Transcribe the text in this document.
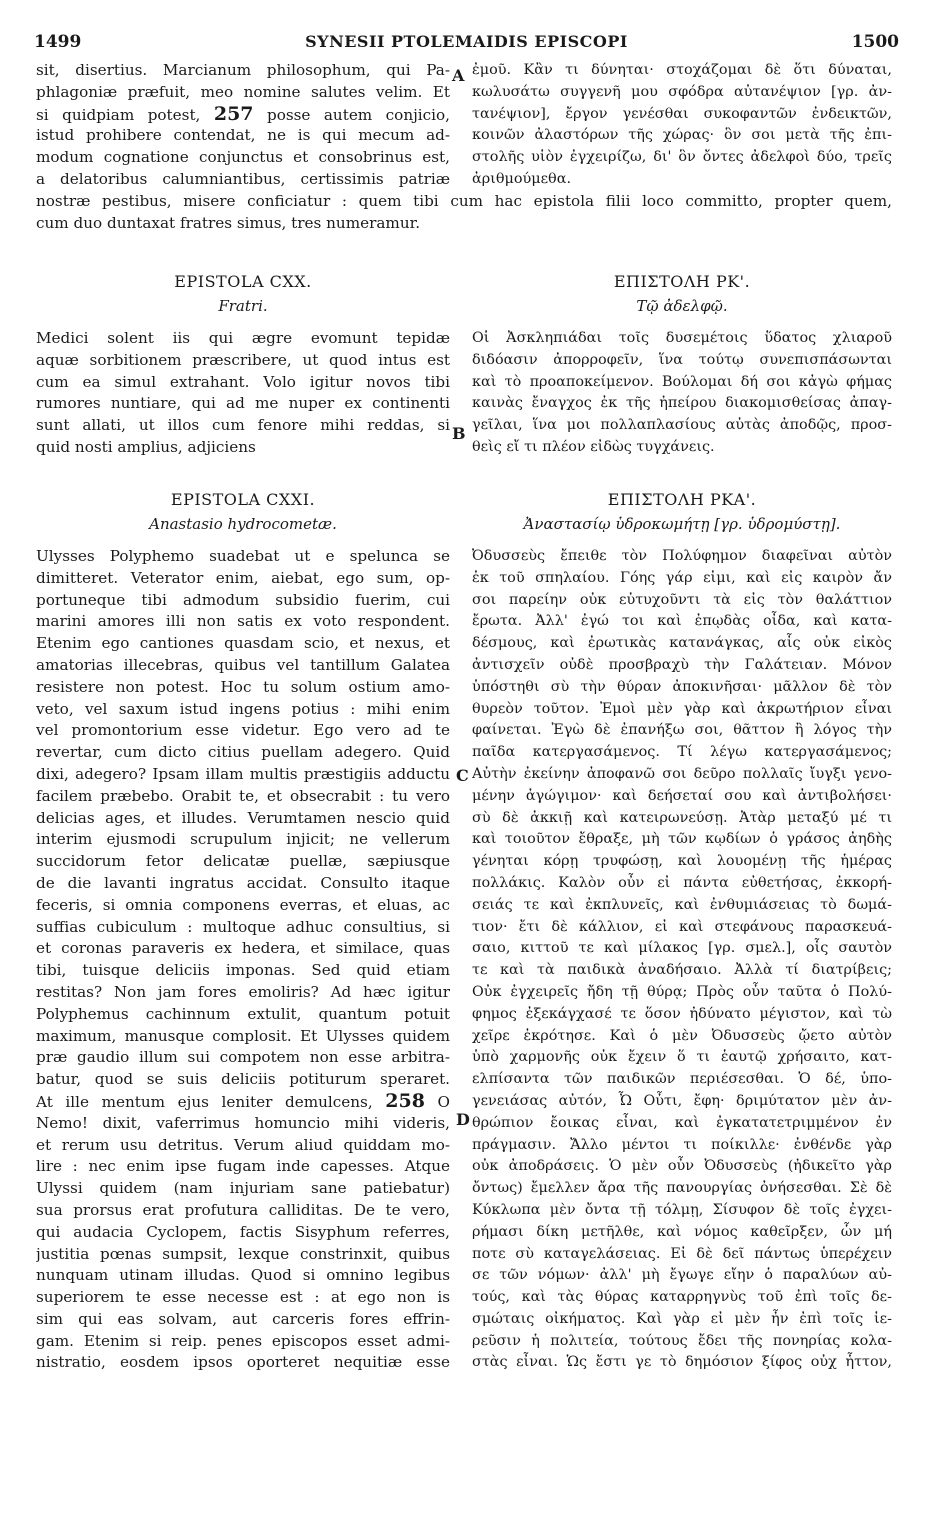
1499	SYNESII PTOLEMAIDIS EPISCOPI	1500
A
B
C
D
sit, disertius. Marcianum philosophum, qui Pa-
phlagoniæ præfuit, meo nomine salutes velim. Et
si quidpiam potest, 257 posse autem conjicio,
istud prohibere contendat, ne is qui mecum ad-
modum cognatione conjunctus et consobrinus est,
a delatoribus calumniantibus, certissimis patriæ
ἐμοῦ. Κἂν τι δύνηται· στοχάζομαι δὲ ὅτι δύναται,
κωλυσάτω συγγενῆ μου σφόδρα αὐτανέψιον [γρ. ἀν-
τανέψιον], ἔργον γενέσθαι συκοφαντῶν ἐνδεικτῶν,
κοινῶν ἀλαστόρων τῆς χώρας· ὃν σοι μετὰ τῆς ἐπι-
στολῆς υἱὸν ἐγχειρίζω, δι' ὃν ὄντες ἀδελφοὶ δύο, τρεῖς
ἀριθμούμεθα.
nostræ pestibus, misere conficiatur : quem tibi cum hac epistola filii loco committo, propter quem,
cum duo duntaxat fratres simus, tres numeramur.
EPISTOLA CXX.
Fratri.
Medici solent iis qui ægre evomunt tepidæ
aquæ sorbitionem præscribere, ut quod intus est
cum ea simul extrahant. Volo igitur novos tibi
rumores nuntiare, qui ad me nuper ex continenti
sunt allati, ut illos cum fenore mihi reddas, si
quid nosti amplius, adjiciens
ΕΠΙΣΤΟΛΗ ΡΚ'.
Τῷ ἀδελφῷ.
Οἱ Ἀσκληπιάδαι τοῖς δυσεμέτοις ὕδατος χλιαροῦ
διδόασιν ἀπορρoφεῖν, ἵνα τούτῳ συνεπισπάσωνται
καὶ τὸ προαποκείμενον. Βούλομαι δή σοι κἀγὼ φήμας
καινὰς ἔναγχος ἐκ τῆς ἠπείρου διακομισθείσας ἀπαγ-
γεῖλαι, ἵνα μοι πολλαπλασίους αὐτὰς ἀποδῷς, προσ-
θεὶς εἴ τι πλέον εἰδὼς τυγχάνεις.
EPISTOLA CXXI.
Anastasio hydrocometæ.
Ulysses Polyphemo suadebat ut e spelunca se
dimitteret. Veterator enim, aiebat, ego sum, op-
portuneque tibi admodum subsidio fuerim, cui
marini amores illi non satis ex voto respondent.
Etenim ego cantiones quasdam scio, et nexus, et
amatorias illecebras, quibus vel tantillum Galatea
resistere non potest. Hoc tu solum ostium amo-
veto, vel saxum istud ingens potius : mihi enim
vel promontorium esse videtur. Ego vero ad te
revertar, cum dicto citius puellam adegero. Quid
dixi, adegero? Ipsam illam multis præstigiis adductu
facilem præbebo. Orabit te, et obsecrabit : tu vero
delicias ages, et illudes. Verumtamen nescio quid
interim ejusmodi scrupulum injicit; ne vellerum
succidorum fetor delicatæ puellæ, sæpiusque
de die lavanti ingratus accidat. Consulto itaque
feceris, si omnia componens everras, et eluas, ac
suffias cubiculum : multoque adhuc consultius, si
et coronas paraveris ex hedera, et similace, quas
tibi, tuisque deliciis imponas. Sed quid etiam
restitas? Non jam fores emoliris? Ad hæc igitur
Polyphemus cachinnum extulit, quantum potuit
maximum, manusque complosit. Et Ulysses quidem
præ gaudio illum sui compotem non esse arbitra-
batur, quod se suis deliciis potiturum speraret.
At ille mentum ejus leniter demulcens, 258 O
Nemo! dixit, vaferrimus homuncio mihi videris,
et rerum usu detritus. Verum aliud quiddam mo-
lire : nec enim ipse fugam inde capesses. Atque
Ulyssi quidem (nam injuriam sane patiebatur)
sua prorsus erat profutura calliditas. De te vero,
qui audacia Cyclopem, factis Sisyphum referres,
justitia pœnas sumpsit, lexque constrinxit, quibus
nunquam utinam illudas. Quod si omnino legibus
superiorem te esse necesse est : at ego non is
sim qui eas solvam, aut carceris fores effrin-
gam. Etenim si reip. penes episcopos esset admi-
nistratio, eosdem ipsos oporteret nequitiæ esse
ΕΠΙΣΤΟΛΗ ΡΚΑ'.
Ἀναστασίῳ ὑδροκωμήτῃ [γρ. ὑδρομύστῃ].
Ὀδυσσεὺς ἔπειθε τὸν Πολύφημον διαφεῖναι αὐτὸν
ἐκ τοῦ σπηλαίου. Γόης γάρ εἰμι, καὶ εἰς καιρὸν ἄν
σοι παρείην οὐκ εὐτυχοῦντι τὰ εἰς τὸν θαλάττιον
ἔρωτα. Ἀλλ' ἐγώ τοι καὶ ἐπῳδὰς οἶδα, καὶ κατα-
δέσμους, καὶ ἐρωτικὰς κατανάγκας, αἷς οὐκ εἰκὸς
ἀντισχεῖν οὐδὲ προσβραχὺ τὴν Γαλάτειαν. Μόνον
ὑπόστηθι σὺ τὴν θύραν ἀποκινῆσαι· μᾶλλον δὲ τὸν
θυρεὸν τοῦτον. Ἐμοὶ μὲν γὰρ καὶ ἀκρωτήριον εἶναι
φαίνεται. Ἐγὼ δὲ ἐπανήξω σοι, θᾶττον ἢ λόγος τὴν
παῖδα κατεργασάμενος. Τί λέγω κατεργασάμενος;
Αὐτὴν ἐκείνην ἀποφανῶ σοι δεῦρο πολλαῖς ἴυγξι γενο-
μένην ἀγώγιμον· καὶ δεήσεταί σου καὶ ἀντιβολήσει·
σὺ δὲ ἀκκιῇ καὶ κατειρωνεύσῃ. Ἀτὰρ μεταξύ μέ τι
καὶ τοιοῦτον ἔθραξε, μὴ τῶν κῳδίων ὁ γράσος ἀηδὴς
γένηται κόρῃ τρυφώσῃ, καὶ λουομένῃ τῆς ἡμέρας
πολλάκις. Καλὸν οὖν εἰ πάντα εὐθετήσας, ἐκκορή-
σειάς τε καὶ ἐκπλυνεῖς, καὶ ἐνθυμιάσειας τὸ δωμά-
τιον· ἔτι δὲ κάλλιον, εἰ καὶ στεφάνους παρασκευά-
σαιο, κιττοῦ τε καὶ μίλακος [γρ. σμελ.], οἷς σαυτὸν
τε καὶ τὰ παιδικὰ ἀναδήσαιο. Ἀλλὰ τί διατρίβεις;
Οὐκ ἐγχειρεῖς ἤδη τῇ θύρᾳ; Πρὸς οὖν ταῦτα ὁ Πολύ-
φημος ἐξεκάγχασέ τε ὅσον ἠδύνατο μέγιστον, καὶ τὼ
χεῖρε ἐκρότησε. Καὶ ὁ μὲν Ὀδυσσεὺς ᾤετο αὐτὸν
ὑπὸ χαρμονῆς οὐκ ἔχειν ὅ τι ἑαυτῷ χρήσαιτο, κατ-
ελπίσαντα τῶν παιδικῶν περιέσεσθαι. Ὁ δέ, ὑπο-
γενειάσας αὐτόν, Ὦ Οὖτι, ἔφη· δριμύτατον μὲν ἀν-
θρώπιον ἔοικας εἶναι, καὶ ἐγκατατετριμμένον ἐν
πράγμασιν. Ἄλλο μέντοι τι ποίκιλλε· ἐνθένδε γὰρ
οὐκ ἀποδράσεις. Ὁ μὲν οὖν Ὀδυσσεὺς (ἠδικεῖτο γὰρ
ὄντως) ἔμελλεν ἄρα τῆς πανουργίας ὀνήσεσθαι. Σὲ δὲ
Κύκλωπα μὲν ὄντα τῇ τόλμῃ, Σίσυφον δὲ τοῖς ἐγχει-
ρήμασι δίκη μετῆλθε, καὶ νόμος καθεῖρξεν, ὧν μή
ποτε σὺ καταγελάσειας. Εἰ δὲ δεῖ πάντως ὑπερέχειν
σε τῶν νόμων· ἀλλ' μὴ ἔγωγε εἴην ὁ παραλύων αὐ-
τούς, καὶ τὰς θύρας καταρρηγνὺς τοῦ ἐπὶ τοῖς δε-
σμώταις οἰκήματος. Καὶ γὰρ εἰ μὲν ἦν ἐπὶ τοῖς ἱε-
ρεῦσιν ἡ πολιτεία, τούτους ἔδει τῆς πονηρίας κολα-
στὰς εἶναι. Ὡς ἔστι γε τὸ δημόσιον ξίφος οὐχ ἧττον,
